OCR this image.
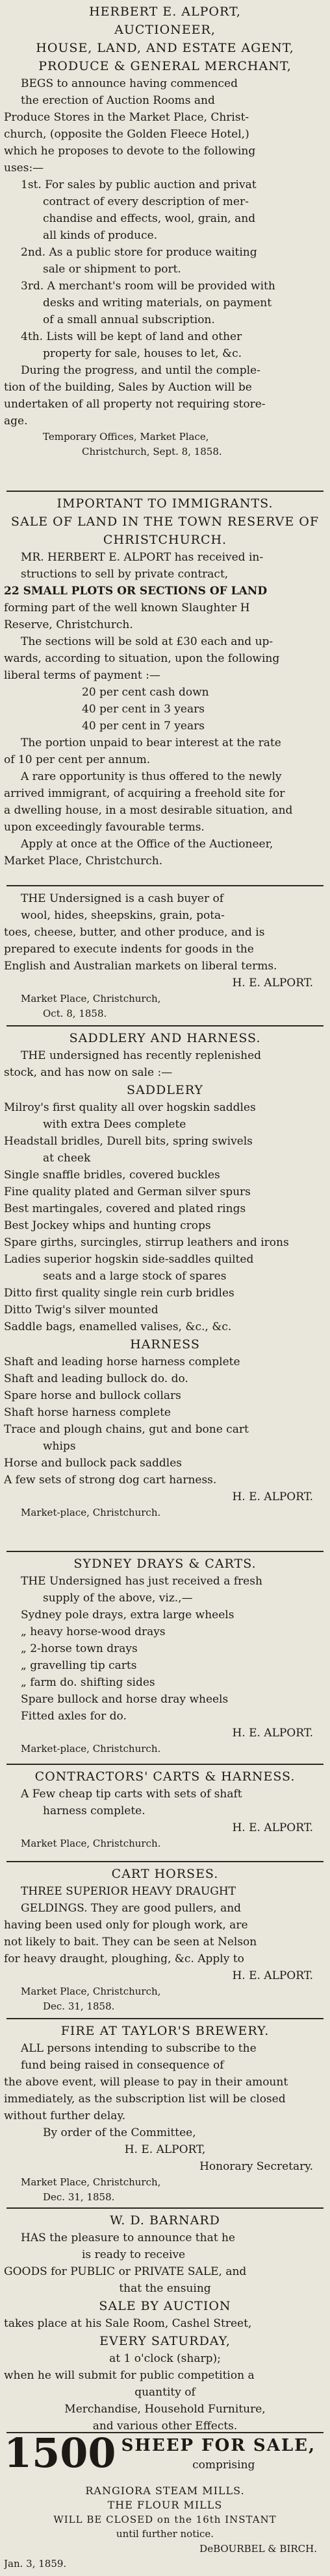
HERBERT E. ALPORT,
AUCTIONEER,
HOUSE, LAND, AND ESTATE AGENT,
PRODUCE & GENERAL MERCHANT,
BEGS to announce having commenced
the erection of Auction Rooms and
Produce Stores in the Market Place, Christ-
church, (opposite the Golden Fleece Hotel,)
which he proposes to devote to the following
uses:—
1st. For sales by public auction and privat
contract of every description of mer-
chandise and effects, wool, grain, and
all kinds of produce.
2nd. As a public store for produce waiting
sale or shipment to port.
3rd. A merchant's room will be provided with
desks and writing materials, on payment
of a small annual subscription.
4th. Lists will be kept of land and other
property for sale, houses to let, &c.
During the progress, and until the comple-
tion of the building, Sales by Auction will be
undertaken of all property not requiring store-
age.
Temporary Offices, Market Place,
Christchurch, Sept. 8, 1858.
IMPORTANT TO IMMIGRANTS.
SALE OF LAND IN THE TOWN RESERVE OF
CHRISTCHURCH.
MR. HERBERT E. ALPORT has received in-
structions to sell by private contract,
22 SMALL PLOTS OR SECTIONS OF LAND
forming part of the well known Slaughter H
Reserve, Christchurch.
The sections will be sold at £30 each and up-
wards, according to situation, upon the following
liberal terms of payment :—
20 per cent cash down
40 per cent in 3 years
40 per cent in 7 years
The portion unpaid to bear interest at the rate
of 10 per cent per annum.
A rare opportunity is thus offered to the newly
arrived immigrant, of acquiring a freehold site for
a dwelling house, in a most desirable situation, and
upon exceedingly favourable terms.
Apply at once at the Office of the Auctioneer,
Market Place, Christchurch.
THE Undersigned is a cash buyer of
wool, hides, sheepskins, grain, pota-
toes, cheese, butter, and other produce, and is
prepared to execute indents for goods in the
English and Australian markets on liberal terms.
H. E. ALPORT.
Market Place, Christchurch,
Oct. 8, 1858.
SADDLERY AND HARNESS.
THE undersigned has recently replenished
stock, and has now on sale :—
SADDLERY
Milroy's first quality all over hogskin saddles
with extra Dees complete
Headstall bridles, Durell bits, spring swivels
at cheek
Single snaffle bridles, covered buckles
Fine quality plated and German silver spurs
Best martingales, covered and plated rings
Best Jockey whips and hunting crops
Spare girths, surcingles, stirrup leathers and irons
Ladies superior hogskin side-saddles quilted
seats and a large stock of spares
Ditto first quality single rein curb bridles
Ditto Twig's silver mounted
Saddle bags, enamelled valises, &c., &c.
HARNESS
Shaft and leading horse harness complete
Shaft and leading bullock do. do.
Spare horse and bullock collars
Shaft horse harness complete
Trace and plough chains, gut and bone cart
whips
Horse and bullock pack saddles
A few sets of strong dog cart harness.
H. E. ALPORT.
Market-place, Christchurch.
SYDNEY DRAYS & CARTS.
THE Undersigned has just received a fresh
supply of the above, viz.,—
Sydney pole drays, extra large wheels
„ heavy horse-wood drays
„ 2-horse town drays
„ gravelling tip carts
„ farm do. shifting sides
Spare bullock and horse dray wheels
Fitted axles for do.
H. E. ALPORT.
Market-place, Christchurch.
CONTRACTORS' CARTS & HARNESS.
A Few cheap tip carts with sets of shaft
harness complete.
H. E. ALPORT.
Market Place, Christchurch.
CART HORSES.
THREE SUPERIOR HEAVY DRAUGHT
GELDINGS. They are good pullers, and
having been used only for plough work, are
not likely to bait. They can be seen at Nelson
for heavy draught, ploughing, &c. Apply to
H. E. ALPORT.
Market Place, Christchurch,
Dec. 31, 1858.
FIRE AT TAYLOR'S BREWERY.
ALL persons intending to subscribe to the
fund being raised in consequence of
the above event, will please to pay in their amount
immediately, as the subscription list will be closed
without further delay.
By order of the Committee,
H. E. ALPORT,
Honorary Secretary.
Market Place, Christchurch,
Dec. 31, 1858.
W. D. BARNARD
HAS the pleasure to announce that he
is ready to receive
GOODS for PUBLIC or PRIVATE SALE, and
that the ensuing
SALE BY AUCTION
takes place at his Sale Room, Cashel Street,
EVERY SATURDAY,
at 1 o'clock (sharp);
when he will submit for public competition a
quantity of
Merchandise, Household Furniture,
and various other Effects.
1500 SHEEP FOR SALE,
comprising
RANGIORA STEAM MILLS.
THE FLOUR MILLS
WILL BE CLOSED on the 16th INSTANT
until further notice.
DeBOURBEL & BIRCH.
Jan. 3, 1859.
